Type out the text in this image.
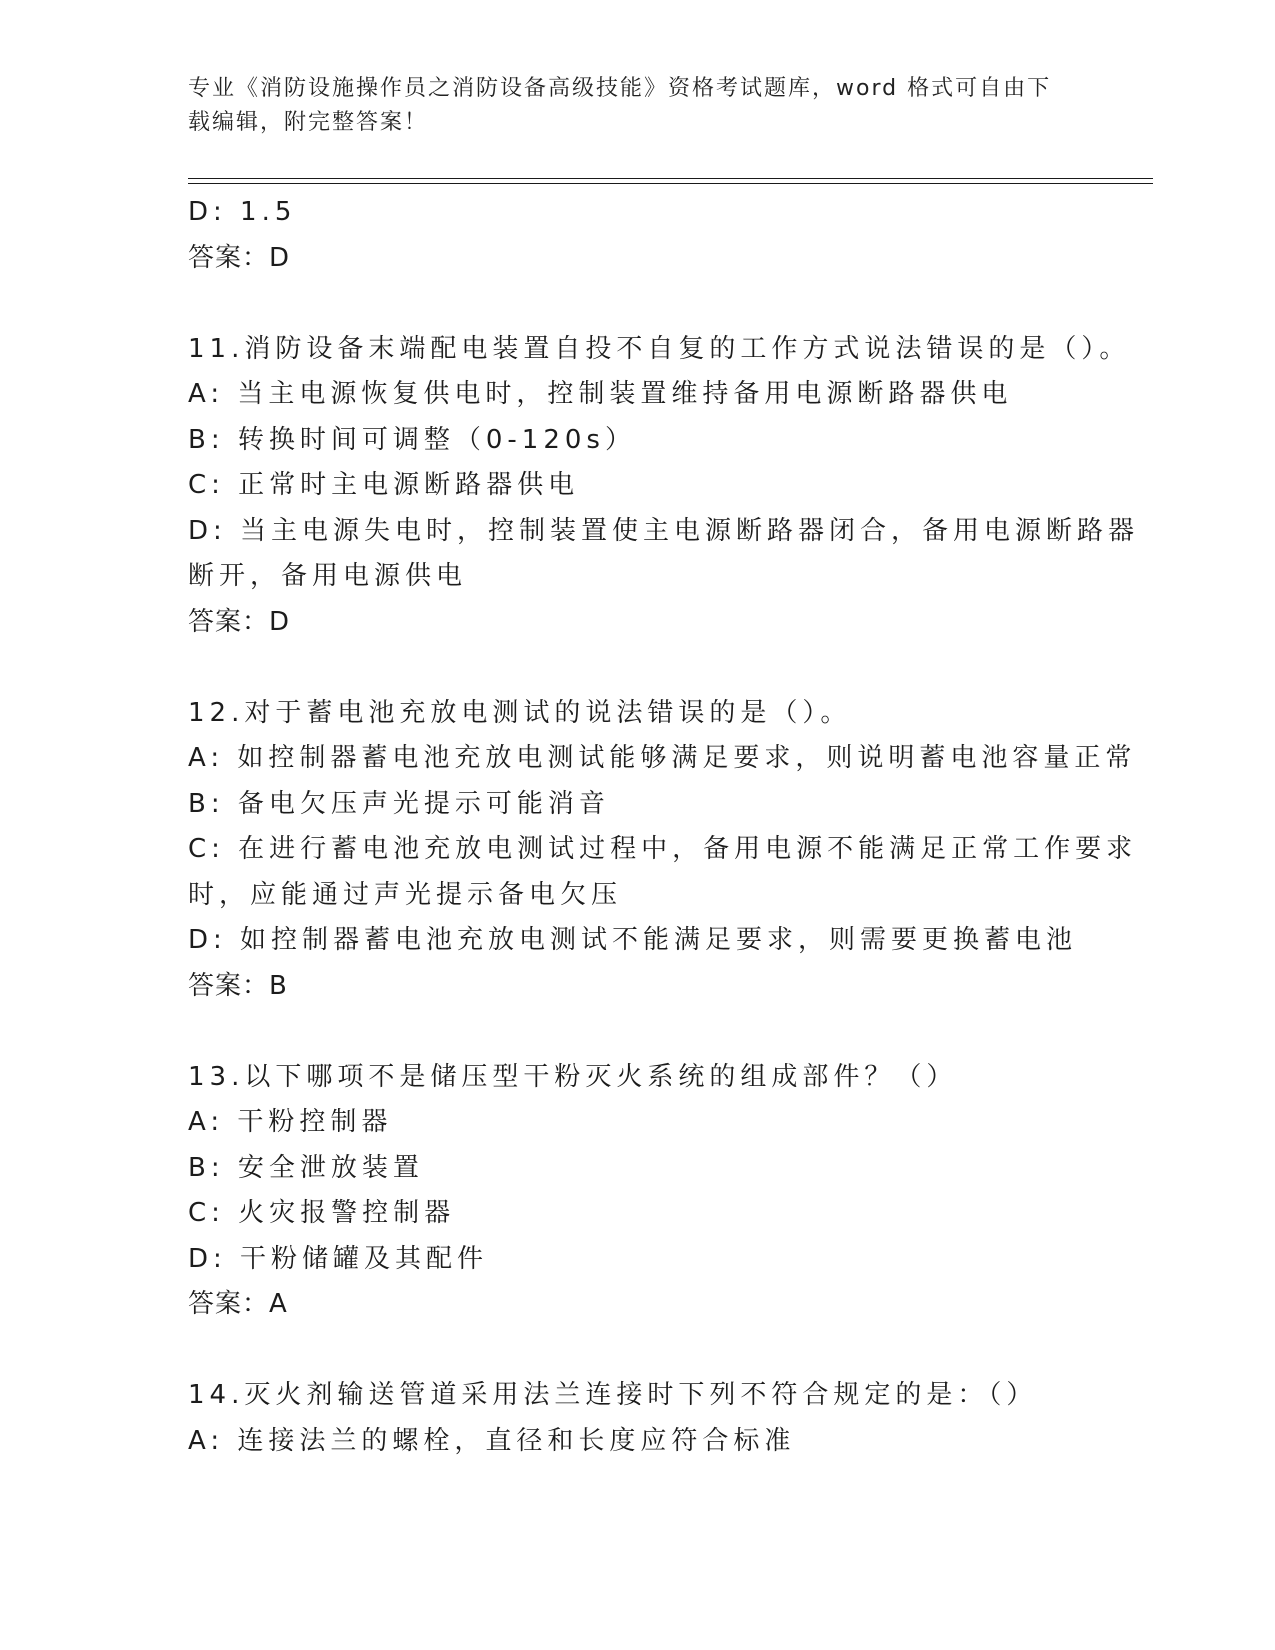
专业《消防设施操作员之消防设备高级技能》资格考试题库，word 格式可自由下
载编辑，附完整答案！
D: 1.5
答案：D
11.消防设备末端配电装置自投不自复的工作方式说法错误的是（）。
A: 当主电源恢复供电时，控制装置维持备用电源断路器供电
B: 转换时间可调整（0-120s）
C: 正常时主电源断路器供电
D: 当主电源失电时，控制装置使主电源断路器闭合，备用电源断路器
断开，备用电源供电
答案：D
12.对于蓄电池充放电测试的说法错误的是（）。
A: 如控制器蓄电池充放电测试能够满足要求，则说明蓄电池容量正常
B: 备电欠压声光提示可能消音
C: 在进行蓄电池充放电测试过程中，备用电源不能满足正常工作要求
时，应能通过声光提示备电欠压
D: 如控制器蓄电池充放电测试不能满足要求，则需要更换蓄电池
答案：B
13.以下哪项不是储压型干粉灭火系统的组成部件？（）
A: 干粉控制器
B: 安全泄放装置
C: 火灾报警控制器
D: 干粉储罐及其配件
答案：A
14.灭火剂输送管道采用法兰连接时下列不符合规定的是：（）
A: 连接法兰的螺栓，直径和长度应符合标准
